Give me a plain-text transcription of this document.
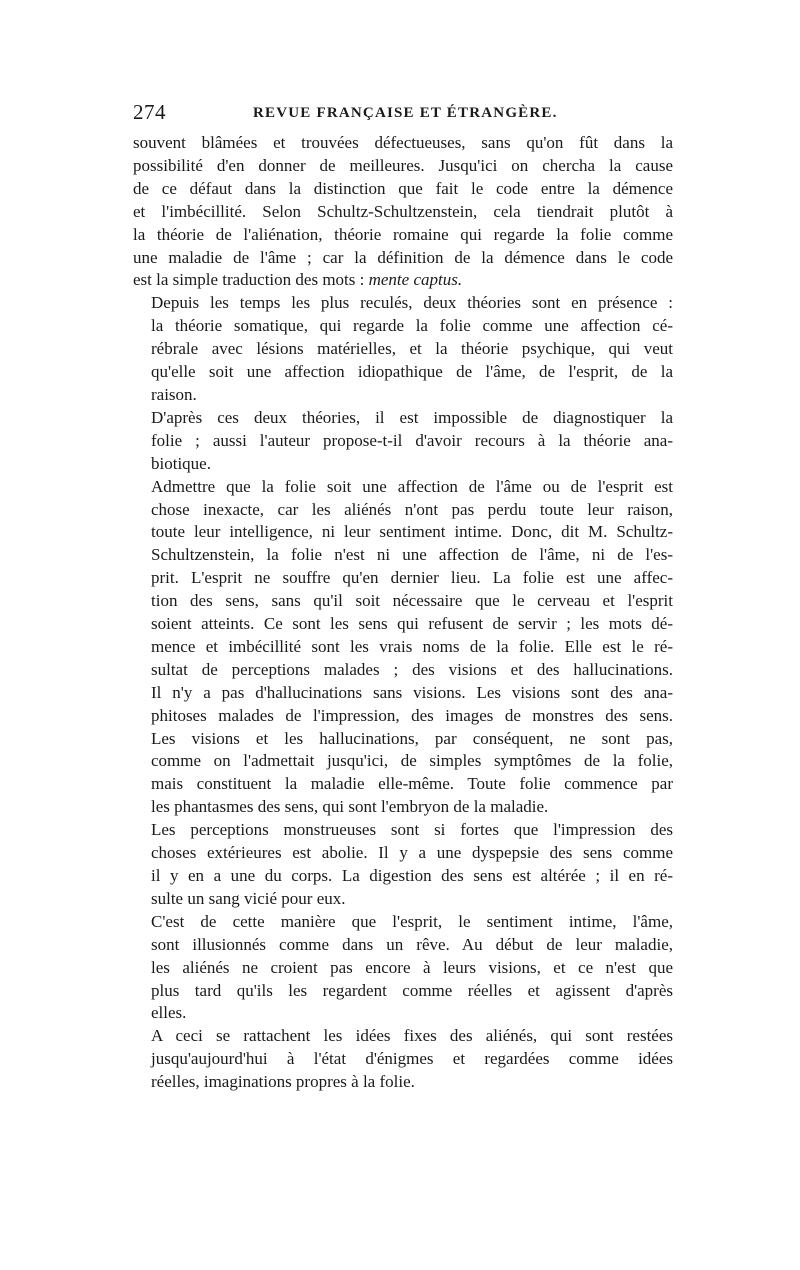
274	REVUE FRANÇAISE ET ÉTRANGÈRE.

souvent blâmées et trouvées défectueuses, sans qu'on fût dans la
possibilité d'en donner de meilleures. Jusqu'ici on chercha la cause
de ce défaut dans la distinction que fait le code entre la démence
et l'imbécillité. Selon Schultz-Schultzenstein, cela tiendrait plutôt à
la théorie de l'aliénation, théorie romaine qui regarde la folie comme
une maladie de l'âme ; car la définition de la démence dans le code
est la simple traduction des mots : mente captus.

Depuis les temps les plus reculés, deux théories sont en présence :
la théorie somatique, qui regarde la folie comme une affection cé-
rébrale avec lésions matérielles, et la théorie psychique, qui veut
qu'elle soit une affection idiopathique de l'âme, de l'esprit, de la
raison.

D'après ces deux théories, il est impossible de diagnostiquer la
folie ; aussi l'auteur propose-t-il d'avoir recours à la théorie ana-
biotique.

Admettre que la folie soit une affection de l'âme ou de l'esprit est
chose inexacte, car les aliénés n'ont pas perdu toute leur raison,
toute leur intelligence, ni leur sentiment intime. Donc, dit M. Schultz-
Schultzenstein, la folie n'est ni une affection de l'âme, ni de l'es-
prit. L'esprit ne souffre qu'en dernier lieu. La folie est une affec-
tion des sens, sans qu'il soit nécessaire que le cerveau et l'esprit
soient atteints. Ce sont les sens qui refusent de servir ; les mots dé-
mence et imbécillité sont les vrais noms de la folie. Elle est le ré-
sultat de perceptions malades ; des visions et des hallucinations.
Il n'y a pas d'hallucinations sans visions. Les visions sont des ana-
phitoses malades de l'impression, des images de monstres des sens.
Les visions et les hallucinations, par conséquent, ne sont pas,
comme on l'admettait jusqu'ici, de simples symptômes de la folie,
mais constituent la maladie elle-même. Toute folie commence par
les phantasmes des sens, qui sont l'embryon de la maladie.

Les perceptions monstrueuses sont si fortes que l'impression des
choses extérieures est abolie. Il y a une dyspepsie des sens comme
il y en a une du corps. La digestion des sens est altérée ; il en ré-
sulte un sang vicié pour eux.

C'est de cette manière que l'esprit, le sentiment intime, l'âme,
sont illusionnés comme dans un rêve. Au début de leur maladie,
les aliénés ne croient pas encore à leurs visions, et ce n'est que
plus tard qu'ils les regardent comme réelles et agissent d'après
elles.

A ceci se rattachent les idées fixes des aliénés, qui sont restées
jusqu'aujourd'hui à l'état d'énigmes et regardées comme idées
réelles, imaginations propres à la folie.
